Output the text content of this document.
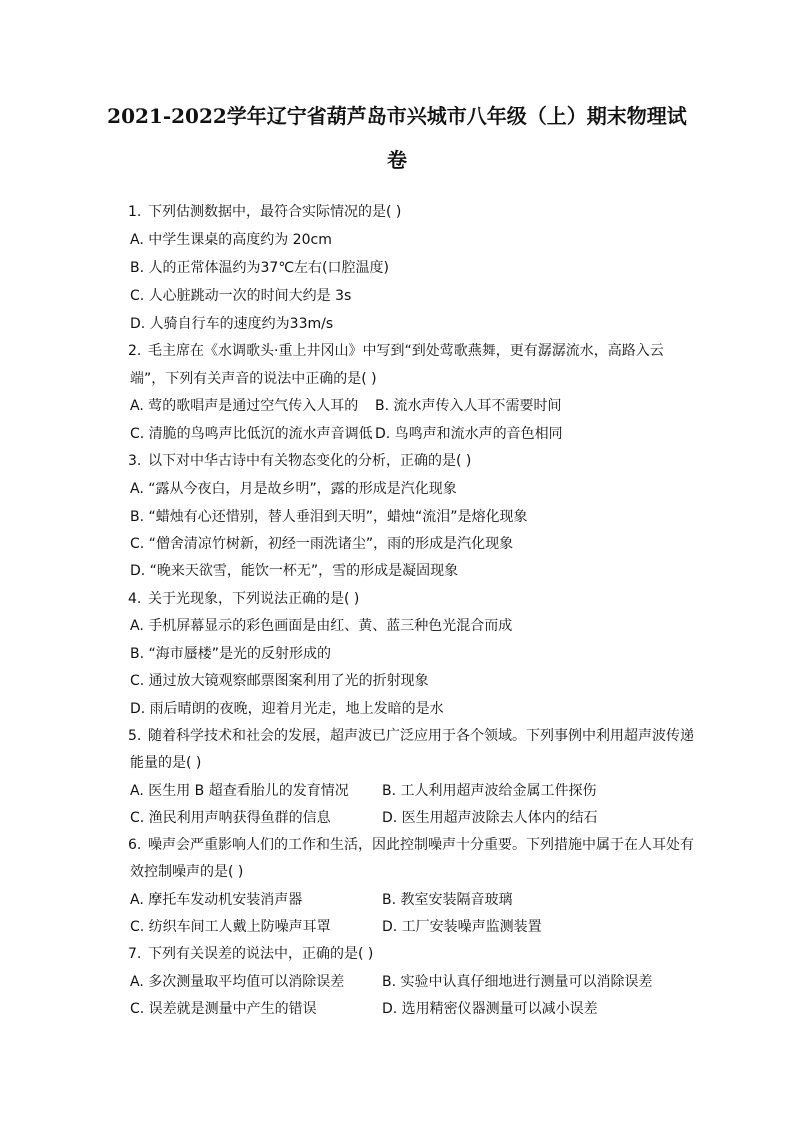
2021-2022学年辽宁省葫芦岛市兴城市八年级（上）期末物理试
卷
1. 下列估测数据中，最符合实际情况的是( )
A. 中学生课桌的高度约为 20cm
B. 人的正常体温约为37℃左右(口腔温度)
C. 人心脏跳动一次的时间大约是 3s
D. 人骑自行车的速度约为33m/s
2. 毛主席在《水调歌头·重上井冈山》中写到“到处莺歌燕舞，更有潺潺流水，高路入云
端”，下列有关声音的说法中正确的是( )
A. 莺的歌唱声是通过空气传入人耳的 B. 流水声传入人耳不需要时间
C. 清脆的鸟鸣声比低沉的流水声音调低 D. 鸟鸣声和流水声的音色相同
3. 以下对中华古诗中有关物态变化的分析，正确的是( )
A. “露从今夜白，月是故乡明”，露的形成是汽化现象
B. “蜡烛有心还惜别，替人垂泪到天明”，蜡烛“流泪”是熔化现象
C. “僧舍清凉竹树新，初经一雨洗诸尘”，雨的形成是汽化现象
D. “晚来天欲雪，能饮一杯无”，雪的形成是凝固现象
4. 关于光现象，下列说法正确的是( )
A. 手机屏幕显示的彩色画面是由红、黄、蓝三种色光混合而成
B. “海市蜃楼”是光的反射形成的
C. 通过放大镜观察邮票图案利用了光的折射现象
D. 雨后晴朗的夜晚，迎着月光走，地上发暗的是水
5. 随着科学技术和社会的发展，超声波已广泛应用于各个领域。下列事例中利用超声波传递
能量的是( )
A. 医生用 B 超查看胎儿的发育情况 B. 工人利用超声波给金属工件探伤
C. 渔民利用声呐获得鱼群的信息	D. 医生用超声波除去人体内的结石
6. 噪声会严重影响人们的工作和生活，因此控制噪声十分重要。下列措施中属于在人耳处有
效控制噪声的是( )
A. 摩托车发动机安装消声器	B. 教室安装隔音玻璃
C. 纺织车间工人戴上防噪声耳罩	D. 工厂安装噪声监测装置
7. 下列有关误差的说法中，正确的是( )
A. 多次测量取平均值可以消除误差	B. 实验中认真仔细地进行测量可以消除误差
C. 误差就是测量中产生的错误	D. 选用精密仪器测量可以减小误差
